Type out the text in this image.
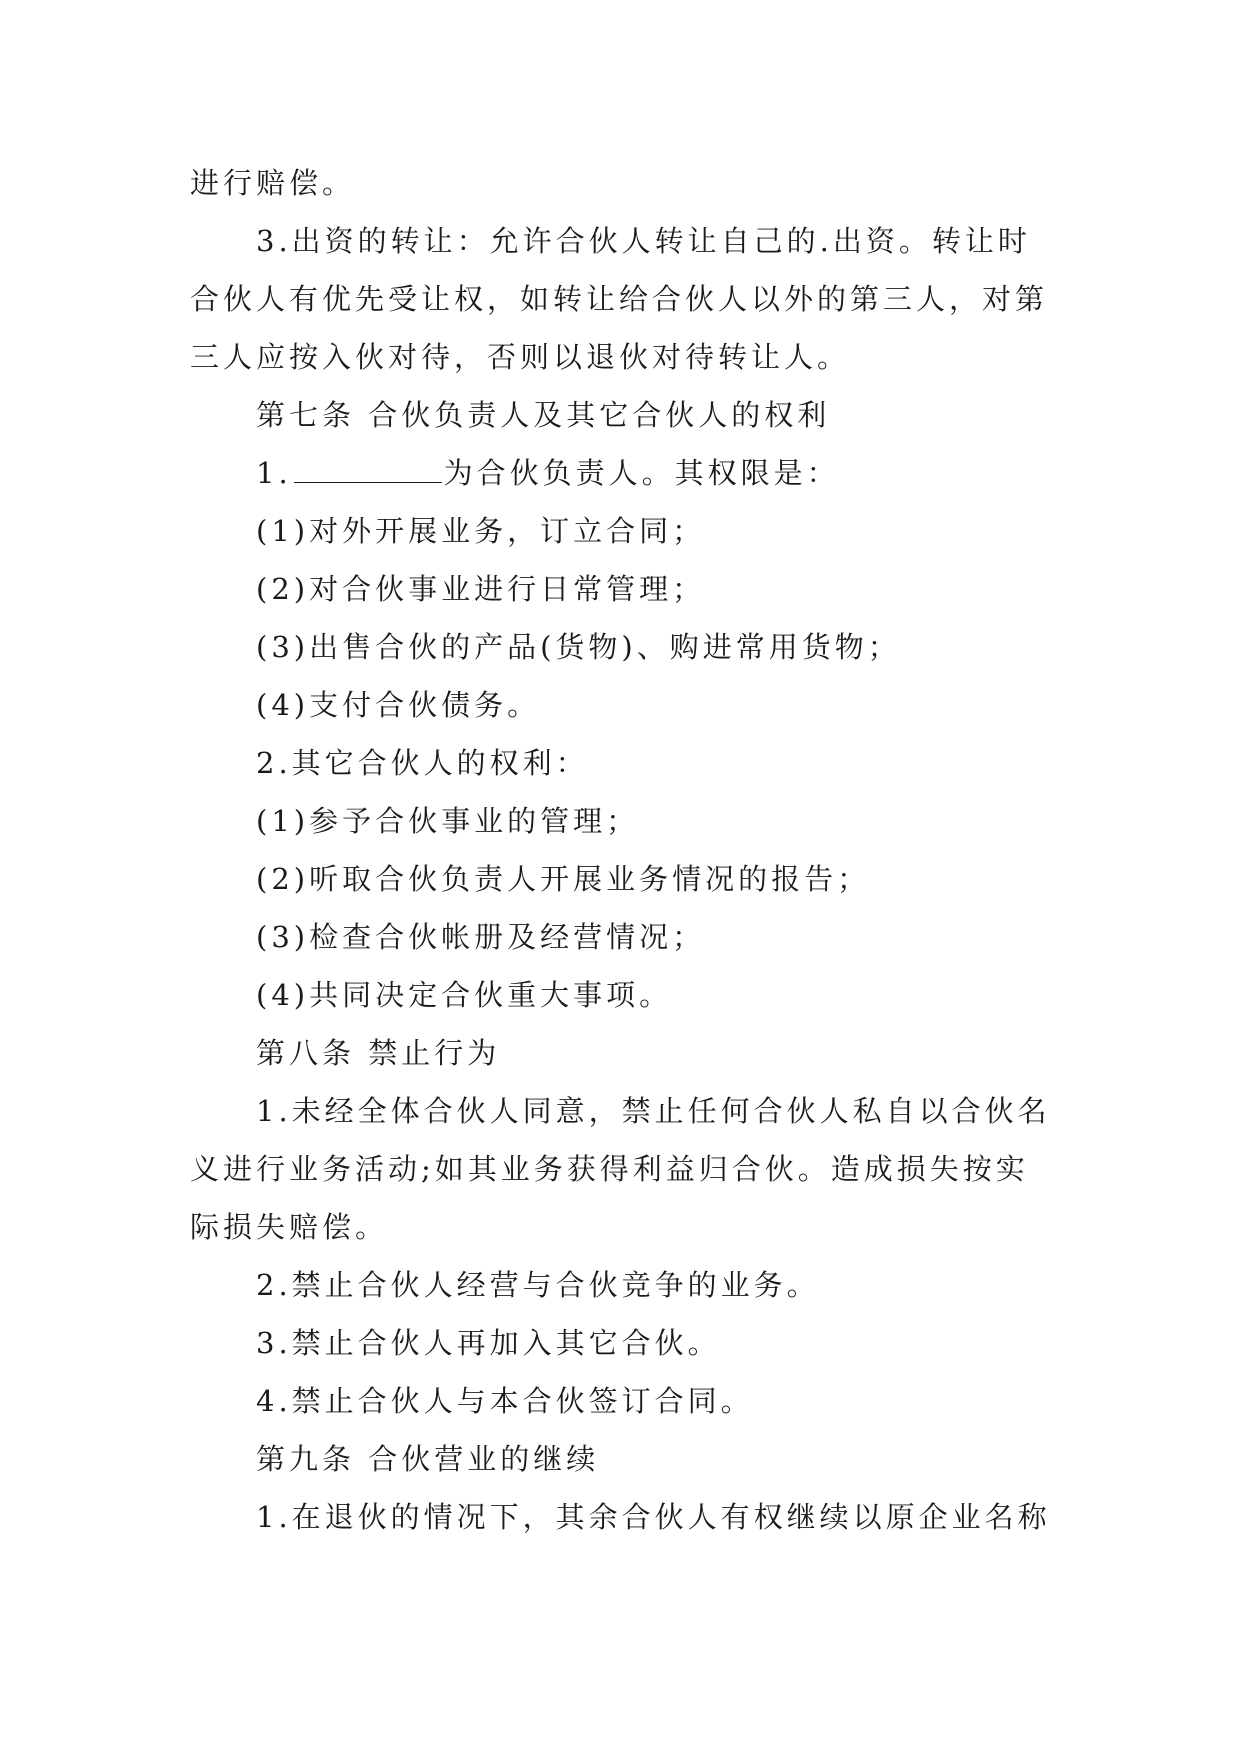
进行赔偿。
3.出资的转让：允许合伙人转让自己的.出资。转让时
合伙人有优先受让权，如转让给合伙人以外的第三人，对第
三人应按入伙对待，否则以退伙对待转让人。
第七条 合伙负责人及其它合伙人的权利
1.	为合伙负责人。其权限是：
(1)对外开展业务，订立合同；
(2)对合伙事业进行日常管理；
(3)出售合伙的产品(货物)、购进常用货物；
(4)支付合伙债务。
2.其它合伙人的权利：
(1)参予合伙事业的管理；
(2)听取合伙负责人开展业务情况的报告；
(3)检查合伙帐册及经营情况；
(4)共同决定合伙重大事项。
第八条 禁止行为
1.未经全体合伙人同意，禁止任何合伙人私自以合伙名
义进行业务活动;如其业务获得利益归合伙。造成损失按实
际损失赔偿。
2.禁止合伙人经营与合伙竞争的业务。
3.禁止合伙人再加入其它合伙。
4.禁止合伙人与本合伙签订合同。
第九条 合伙营业的继续
1.在退伙的情况下，其余合伙人有权继续以原企业名称
